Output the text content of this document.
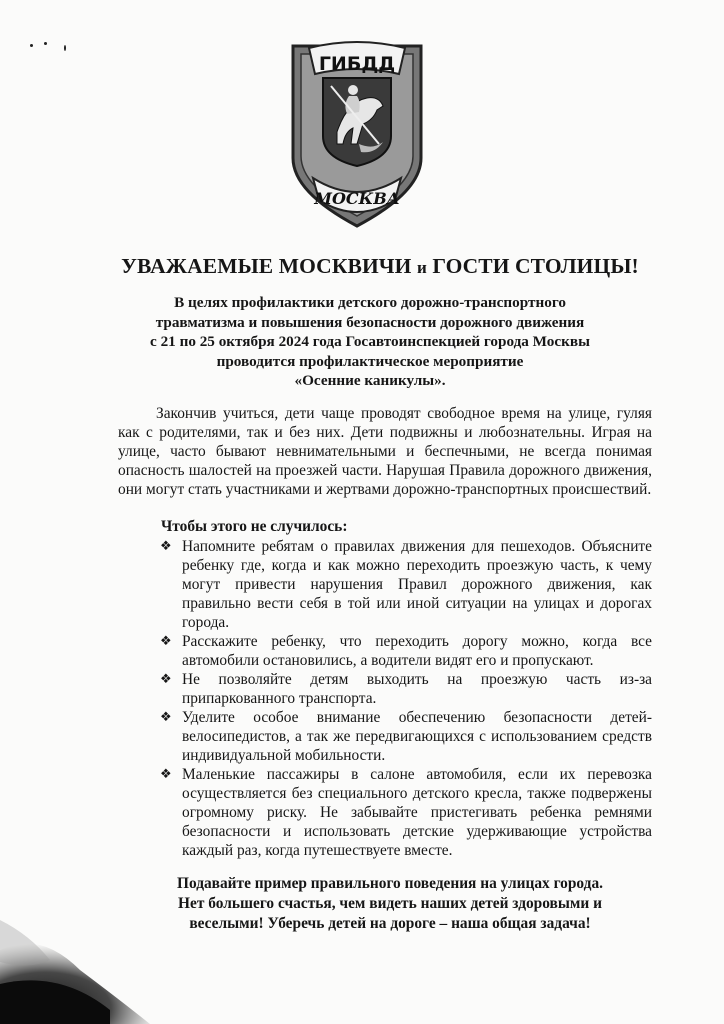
ГИБДД
МОСКВА
УВАЖАЕМЫЕ МОСКВИЧИ и ГОСТИ СТОЛИЦЫ!
В целях профилактики детского дорожно-транспортного
травматизма и повышения безопасности дорожного движения
с 21 по 25 октября 2024 года Госавтоинспекцией города Москвы
проводится профилактическое мероприятие
«Осенние каникулы».

Закончив учиться, дети чаще проводят свободное время на улице, гуляя как с родителями, так и без них. Дети подвижны и любознательны. Играя на улице, часто бывают невнимательными и беспечными, не всегда понимая опасность шалостей на проезжей части. Нарушая Правила дорожного движения, они могут стать участниками и жертвами дорожно-транспортных происшествий.

Чтобы этого не случилось:
❖ Напомните ребятам о правилах движения для пешеходов. Объясните ребенку где, когда и как можно переходить проезжую часть, к чему могут привести нарушения Правил дорожного движения, как правильно вести себя в той или иной ситуации на улицах и дорогах города.
❖ Расскажите ребенку, что переходить дорогу можно, когда все автомобили остановились, а водители видят его и пропускают.
❖ Не позволяйте детям выходить на проезжую часть из-за припаркованного транспорта.
❖ Уделите особое внимание обеспечению безопасности детей-велосипедистов, а так же передвигающихся с использованием средств индивидуальной мобильности.
❖ Маленькие пассажиры в салоне автомобиля, если их перевозка осуществляется без специального детского кресла, также подвержены огромному риску. Не забывайте пристегивать ребенка ремнями безопасности и использовать детские удерживающие устройства каждый раз, когда путешествуете вместе.
Подавайте пример правильного поведения на улицах города.
Нет большего счастья, чем видеть наших детей здоровыми и
веселыми! Уберечь детей на дороге – наша общая задача!
